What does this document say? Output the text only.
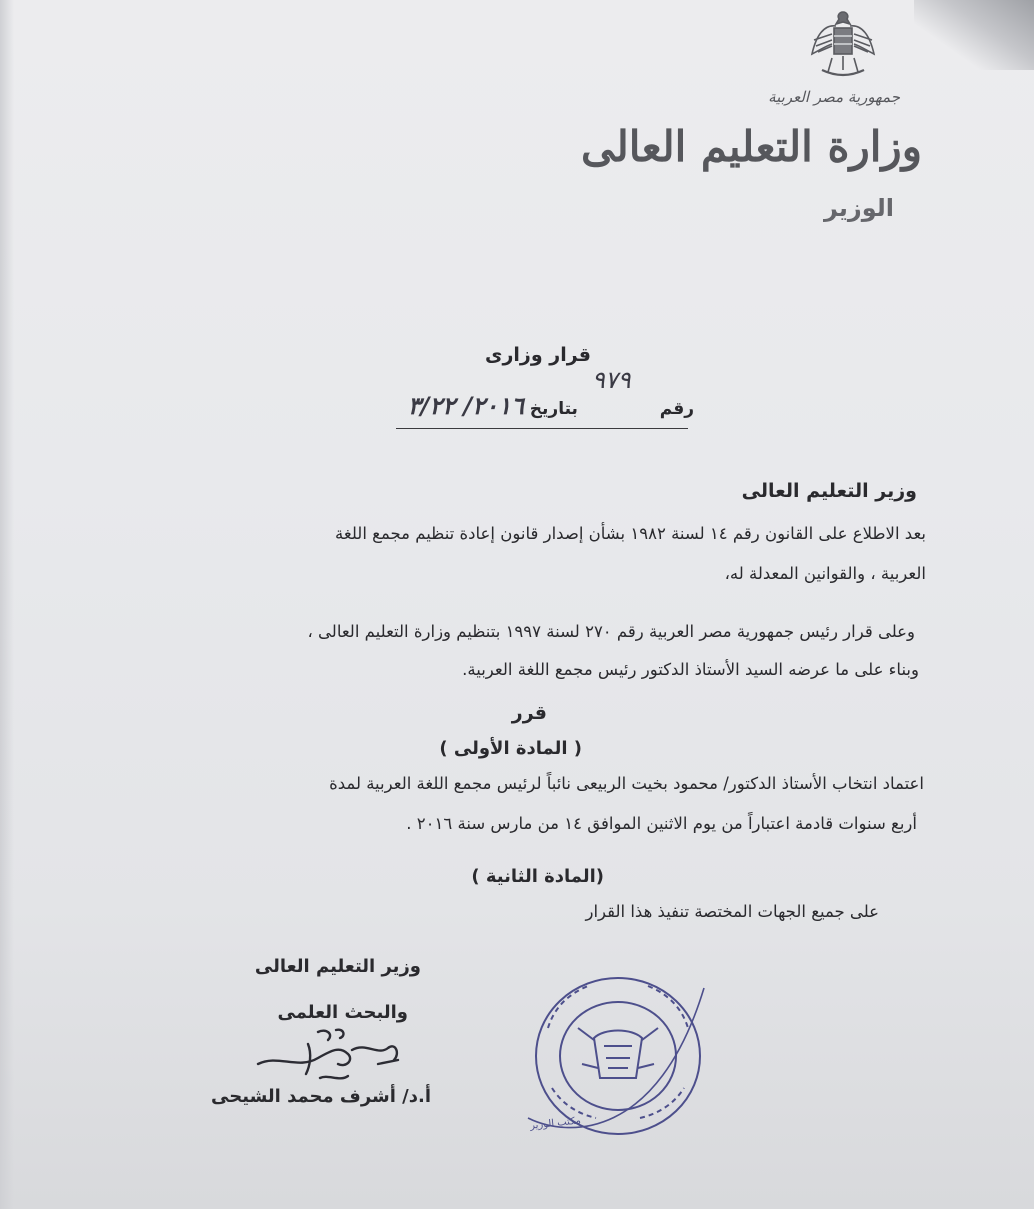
جمهورية مصر العربية

وزارة التعليم العالى

الوزير

قرار وزارى

٩٧٩

رقم  بتاريخ ٢٠١٦/ ٣/٢٢

وزير التعليم العالى

بعد الاطلاع على القانون رقم ١٤ لسنة ١٩٨٢ بشأن إصدار قانون إعادة تنظيم مجمع اللغة

العربية ، والقوانين المعدلة له،

وعلى قرار رئيس جمهورية مصر العربية رقم ٢٧٠ لسنة ١٩٩٧ بتنظيم وزارة التعليم العالى ،

وبناء على ما عرضه السيد الأستاذ الدكتور رئيس مجمع اللغة العربية.

قرر

( المادة الأولى )

اعتماد انتخاب الأستاذ الدكتور/ محمود بخيت الربيعى نائباً لرئيس مجمع اللغة العربية لمدة

أربع سنوات قادمة اعتباراً من يوم الاثنين الموافق ١٤ من مارس سنة ٢٠١٦ .

(المادة الثانية )

على جميع الجهات المختصة تنفيذ هذا القرار

وزير التعليم العالى

والبحث العلمى

أ.د/ أشرف محمد الشيحى

مكتب الوزير
